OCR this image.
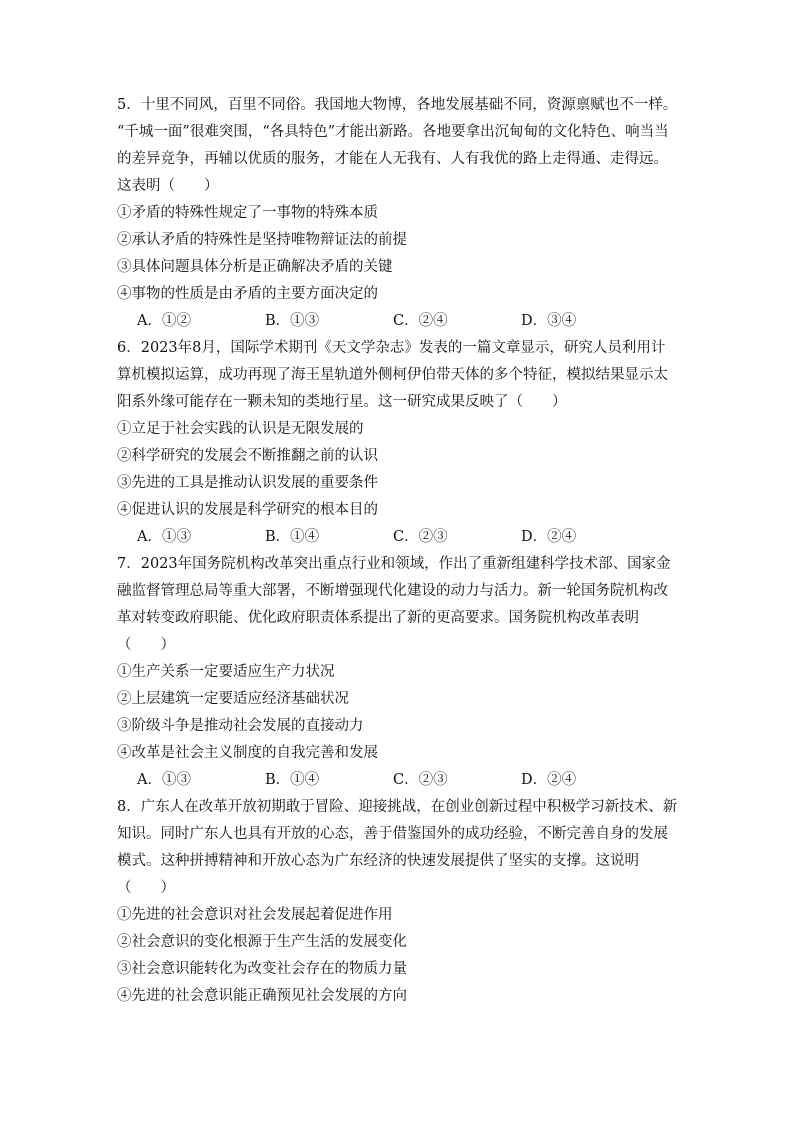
5．十里不同风，百里不同俗。我国地大物博，各地发展基础不同，资源禀赋也不一样。
“千城一面”很难突围，“各具特色”才能出新路。各地要拿出沉甸甸的文化特色、响当当
的差异竞争，再辅以优质的服务，才能在人无我有、人有我优的路上走得通、走得远。
这表明（　　）
①矛盾的特殊性规定了一事物的特殊本质
②承认矛盾的特殊性是坚持唯物辩证法的前提
③具体问题具体分析是正确解决矛盾的关键
④事物的性质是由矛盾的主要方面决定的
A．①②	B．①③	C．②④	D．③④
6．2023年8月，国际学术期刊《天文学杂志》发表的一篇文章显示，研究人员利用计
算机模拟运算，成功再现了海王星轨道外侧柯伊伯带天体的多个特征，模拟结果显示太
阳系外缘可能存在一颗未知的类地行星。这一研究成果反映了（　　）
①立足于社会实践的认识是无限发展的
②科学研究的发展会不断推翻之前的认识
③先进的工具是推动认识发展的重要条件
④促进认识的发展是科学研究的根本目的
A．①③	B．①④	C．②③	D．②④
7．2023年国务院机构改革突出重点行业和领域，作出了重新组建科学技术部、国家金
融监督管理总局等重大部署，不断增强现代化建设的动力与活力。新一轮国务院机构改
革对转变政府职能、优化政府职责体系提出了新的更高要求。国务院机构改革表明
（　　）
①生产关系一定要适应生产力状况
②上层建筑一定要适应经济基础状况
③阶级斗争是推动社会发展的直接动力
④改革是社会主义制度的自我完善和发展
A．①③	B．①④	C．②③	D．②④
8．广东人在改革开放初期敢于冒险、迎接挑战，在创业创新过程中积极学习新技术、新
知识。同时广东人也具有开放的心态，善于借鉴国外的成功经验，不断完善自身的发展
模式。这种拼搏精神和开放心态为广东经济的快速发展提供了坚实的支撑。这说明
（　　）
①先进的社会意识对社会发展起着促进作用
②社会意识的变化根源于生产生活的发展变化
③社会意识能转化为改变社会存在的物质力量
④先进的社会意识能正确预见社会发展的方向
